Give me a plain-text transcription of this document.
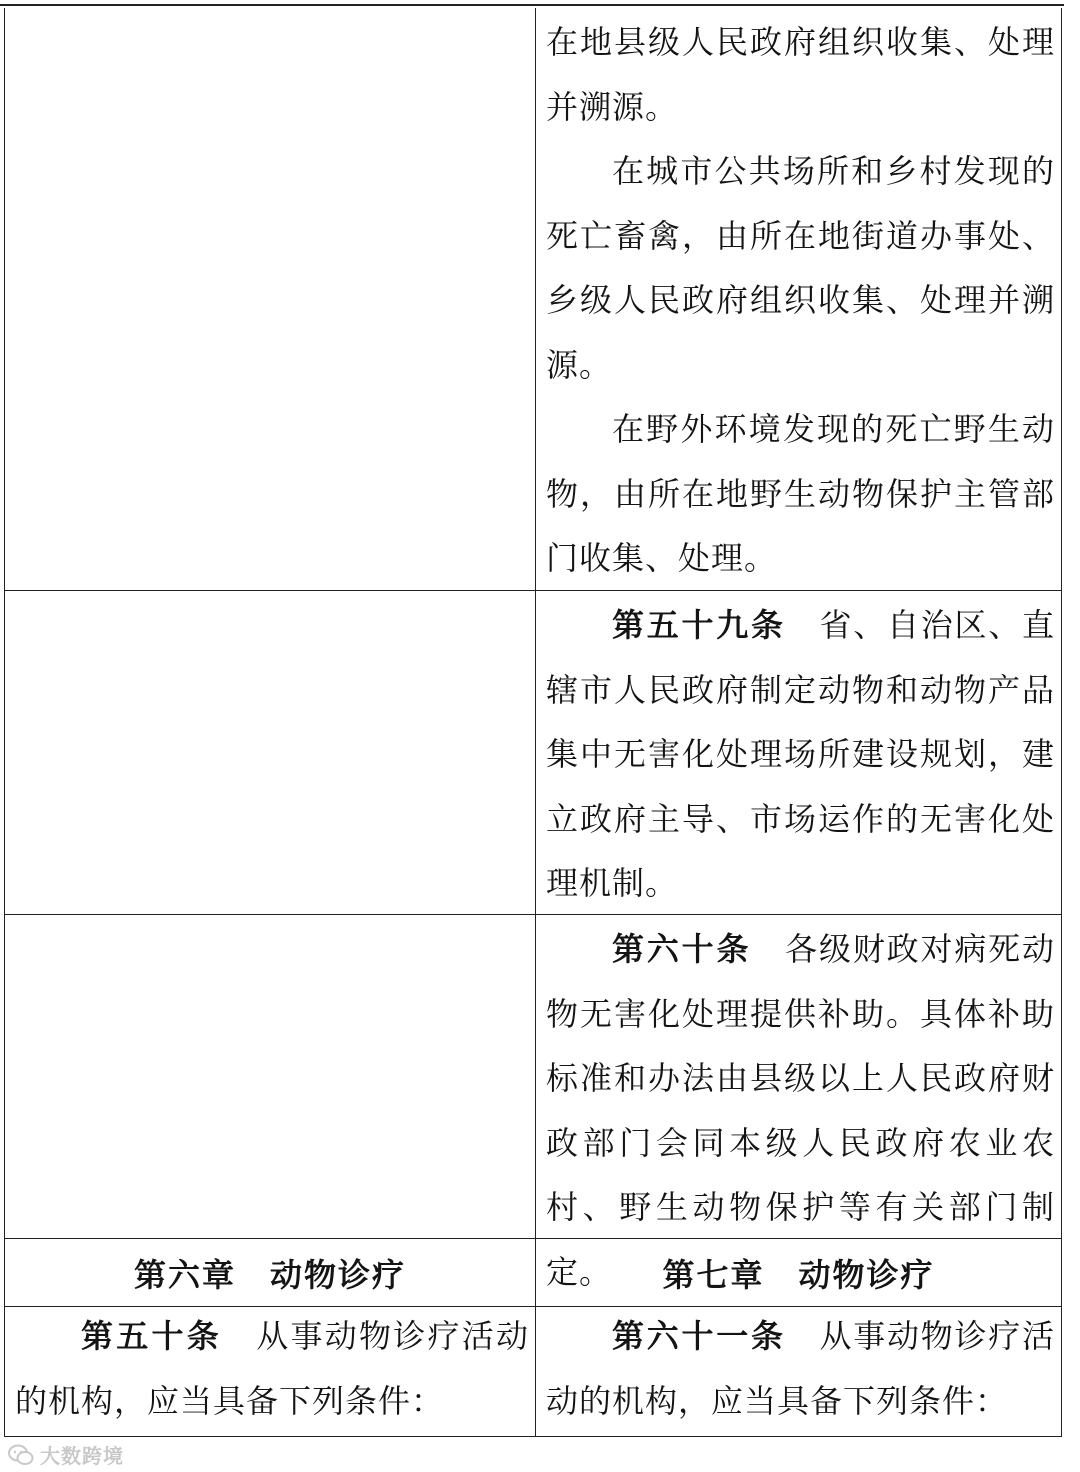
在地县级人民政府组织收集、处理并溯源。

在城市公共场所和乡村发现的死亡畜禽，由所在地街道办事处、乡级人民政府组织收集、处理并溯源。

在野外环境发现的死亡野生动物，由所在地野生动物保护主管部门收集、处理。

第五十九条　 省、自治区、直辖市人民政府制定动物和动物产品集中无害化处理场所建设规划，建立政府主导、市场运作的无害化处理机制。

第六十条　 各级财政对病死动物无害化处理提供补助。具体补助标准和办法由县级以上人民政府财政部门会同本级人民政府农业农村、野生动物保护等有关部门制定。

第六章　动物诊疗	第七章　动物诊疗

第五十条　 从事动物诊疗活动的机构，应当具备下列条件：

第六十一条　 从事动物诊疗活动的机构，应当具备下列条件：

大数跨境
